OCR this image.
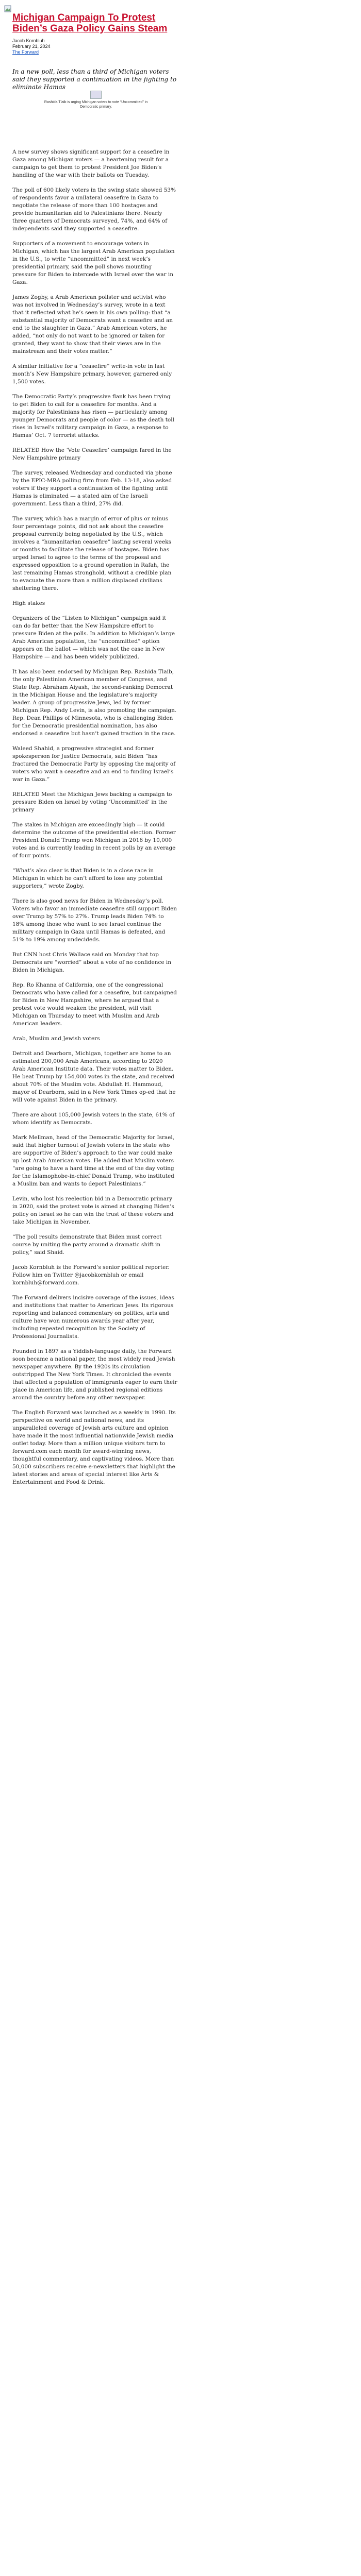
Michigan Campaign To Protest Biden’s Gaza Policy Gains Steam
Jacob Kornbluh
February 21, 2024
The Forward
In a new poll, less than a third of Michigan voters said they supported a continuation in the fighting to eliminate Hamas
Rashida Tlaib is urging Michigan voters to vote “Uncommitted” in Democratic primary.

A new survey shows significant support for a ceasefire in Gaza among Michigan voters — a heartening result for a campaign to get them to protest President Joe Biden’s handling of the war with their ballots on Tuesday.

The poll of 600 likely voters in the swing state showed 53% of respondents favor a unilateral ceasefire in Gaza to negotiate the release of more than 100 hostages and provide humanitarian aid to Palestinians there. Nearly three quarters of Democrats surveyed, 74%, and 64% of independents said they supported a ceasefire.

Supporters of a movement to encourage voters in Michigan, which has the largest Arab American population in the U.S., to write “uncommitted” in next week’s presidential primary, said the poll shows mounting pressure for Biden to intercede with Israel over the war in Gaza.

James Zogby, a Arab American pollster and activist who was not involved in Wednesday’s survey, wrote in a text that it reflected what he’s seen in his own polling: that “a substantial majority of Democrats want a ceasefire and an end to the slaughter in Gaza.” Arab American voters, he added, “not only do not want to be ignored or taken for granted, they want to show that their views are in the mainstream and their votes matter.”

A similar initiative for a “ceasefire” write-in vote in last month’s New Hampshire primary, however, garnered only 1,500 votes.

The Democratic Party’s progressive flank has been trying to get Biden to call for a ceasefire for months. And a majority for Palestinians has risen — particularly among younger Democrats and people of color — as the death toll rises in Israel’s military campaign in Gaza, a response to Hamas’ Oct. 7 terrorist attacks.

RELATED How the ‘Vote Ceasefire’ campaign fared in the New Hampshire primary

The survey, released Wednesday and conducted via phone by the EPIC-MRA polling firm from Feb. 13-18, also asked voters if they support a continuation of the fighting until Hamas is eliminated — a stated aim of the Israeli government. Less than a third, 27% did.

The survey, which has a margin of error of plus or minus four percentage points, did not ask about the ceasefire proposal currently being negotiated by the U.S., which involves a “humanitarian ceasefire” lasting several weeks or months to facilitate the release of hostages. Biden has urged Israel to agree to the terms of the proposal and expressed opposition to a ground operation in Rafah, the last remaining Hamas stronghold, without a credible plan to evacuate the more than a million displaced civilians sheltering there.

High stakes

Organizers of the “Listen to Michigan” campaign said it can do far better than the New Hampshire effort to pressure Biden at the polls. In addition to Michigan’s large Arab American population, the “uncommitted” option appears on the ballot — which was not the case in New Hampshire — and has been widely publicized.

It has also been endorsed by Michigan Rep. Rashida Tlaib, the only Palestinian American member of Congress, and State Rep. Abraham Aiyash, the second-ranking Democrat in the Michigan House and the legislature’s majority leader. A group of progressive Jews, led by former Michigan Rep. Andy Levin, is also promoting the campaign. Rep. Dean Phillips of Minnesota, who is challenging Biden for the Democratic presidential nomination, has also endorsed a ceasefire but hasn’t gained traction in the race.

Waleed Shahid, a progressive strategist and former spokesperson for Justice Democrats, said Biden “has fractured the Democratic Party by opposing the majority of voters who want a ceasefire and an end to funding Israel’s war in Gaza.”

RELATED Meet the Michigan Jews backing a campaign to pressure Biden on Israel by voting ‘Uncommitted’ in the primary

The stakes in Michigan are exceedingly high — it could determine the outcome of the presidential election. Former President Donald Trump won Michigan in 2016 by 10,000 votes and is currently leading in recent polls by an average of four points.

“What’s also clear is that Biden is in a close race in Michigan in which he can’t afford to lose any potential supporters,” wrote Zogby.

There is also good news for Biden in Wednesday’s poll. Voters who favor an immediate ceasefire still support Biden over Trump by 57% to 27%. Trump leads Biden 74% to 18% among those who want to see Israel continue the military campaign in Gaza until Hamas is defeated, and 51% to 19% among undecideds.

But CNN host Chris Wallace said on Monday that top Democrats are “worried” about a vote of no confidence in Biden in Michigan.

Rep. Ro Khanna of California, one of the congressional Democrats who have called for a ceasefire, but campaigned for Biden in New Hampshire, where he argued that a protest vote would weaken the president, will visit Michigan on Thursday to meet with Muslim and Arab American leaders.

Arab, Muslim and Jewish voters

Detroit and Dearborn, Michigan, together are home to an estimated 200,000 Arab Americans, according to 2020 Arab American Institute data. Their votes matter to Biden. He beat Trump by 154,000 votes in the state, and received about 70% of the Muslim vote. Abdullah H. Hammoud, mayor of Dearborn, said in a New York Times op-ed that he will vote against Biden in the primary.

There are about 105,000 Jewish voters in the state, 61% of whom identify as Democrats.

Mark Mellman, head of the Democratic Majority for Israel, said that higher turnout of Jewish voters in the state who are supportive of Biden’s approach to the war could make up lost Arab American votes. He added that Muslim voters “are going to have a hard time at the end of the day voting for the Islamophobe-in-chief Donald Trump, who instituted a Muslim ban and wants to deport Palestinians.”

Levin, who lost his reelection bid in a Democratic primary in 2020, said the protest vote is aimed at changing Biden’s policy on Israel so he can win the trust of these voters and take Michigan in November.

“The poll results demonstrate that Biden must correct course by uniting the party around a dramatic shift in policy,” said Shaid.

Jacob Kornbluh is the Forward’s senior political reporter. Follow him on Twitter @jacobkornbluh or email kornbluh@forward.com.

The Forward delivers incisive coverage of the issues, ideas and institutions that matter to American Jews. Its rigorous reporting and balanced commentary on politics, arts and culture have won numerous awards year after year, including repeated recognition by the Society of Professional Journalists.

Founded in 1897 as a Yiddish-language daily, the Forward soon became a national paper, the most widely read Jewish newspaper anywhere. By the 1920s its circulation outstripped The New York Times. It chronicled the events that affected a population of immigrants eager to earn their place in American life, and published regional editions around the country before any other newspaper.

The English Forward was launched as a weekly in 1990. Its perspective on world and national news, and its unparalleled coverage of Jewish arts culture and opinion have made it the most influential nationwide Jewish media outlet today. More than a million unique visitors turn to forward.com each month for award-winning news, thoughtful commentary, and captivating videos. More than 50,000 subscribers receive e-newsletters that highlight the latest stories and areas of special interest like Arts & Entertainment and Food & Drink.
